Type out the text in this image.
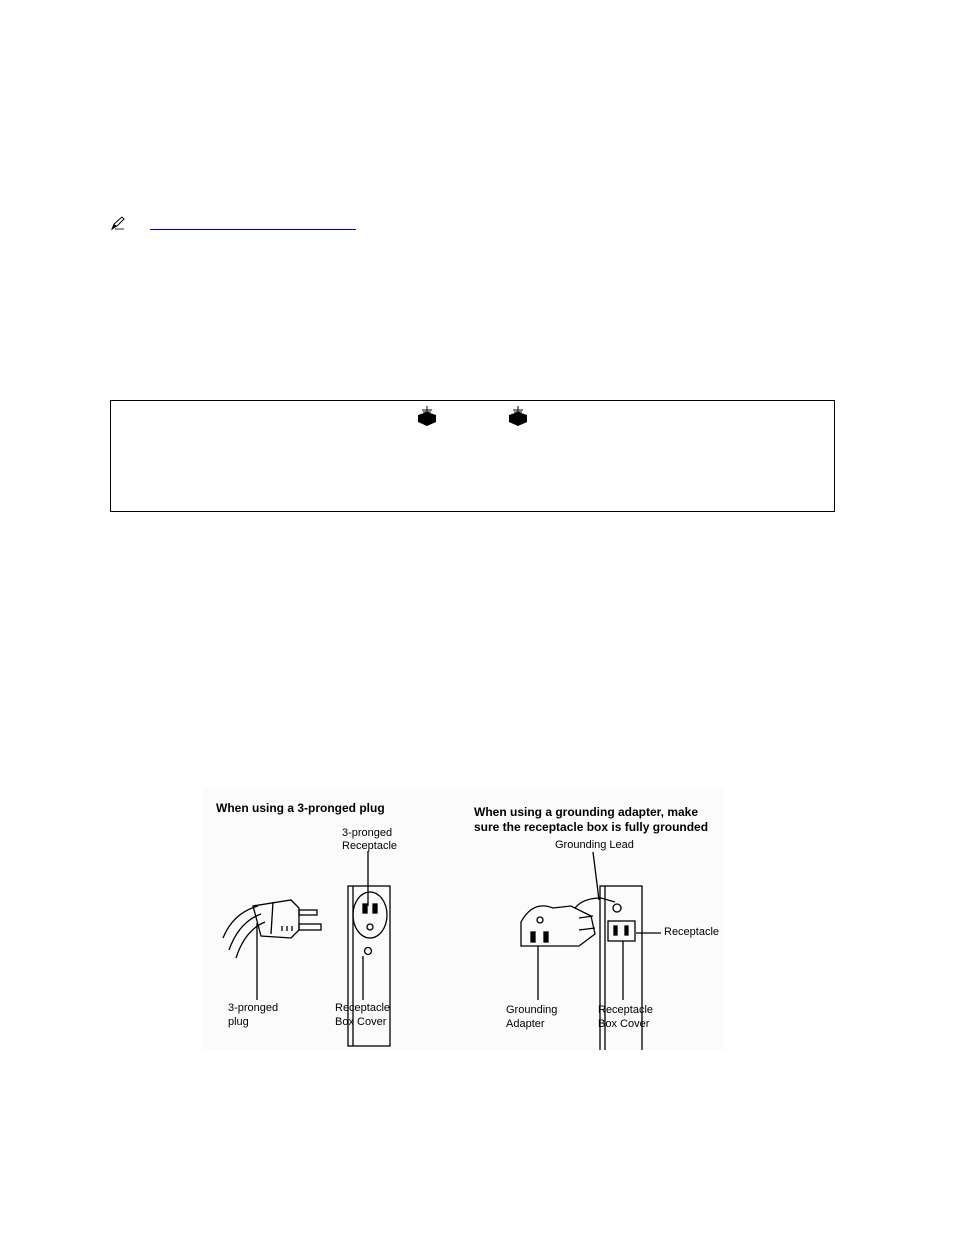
When using a 3-pronged plug	When using a grounding adapter, make
sure the receptacle box is fully grounded
3-pronged
Receptacle
3-pronged
plug
Receptacle
Box Cover
Grounding Lead
Receptacle
Grounding
Adapter
Receptacle
Box Cover
